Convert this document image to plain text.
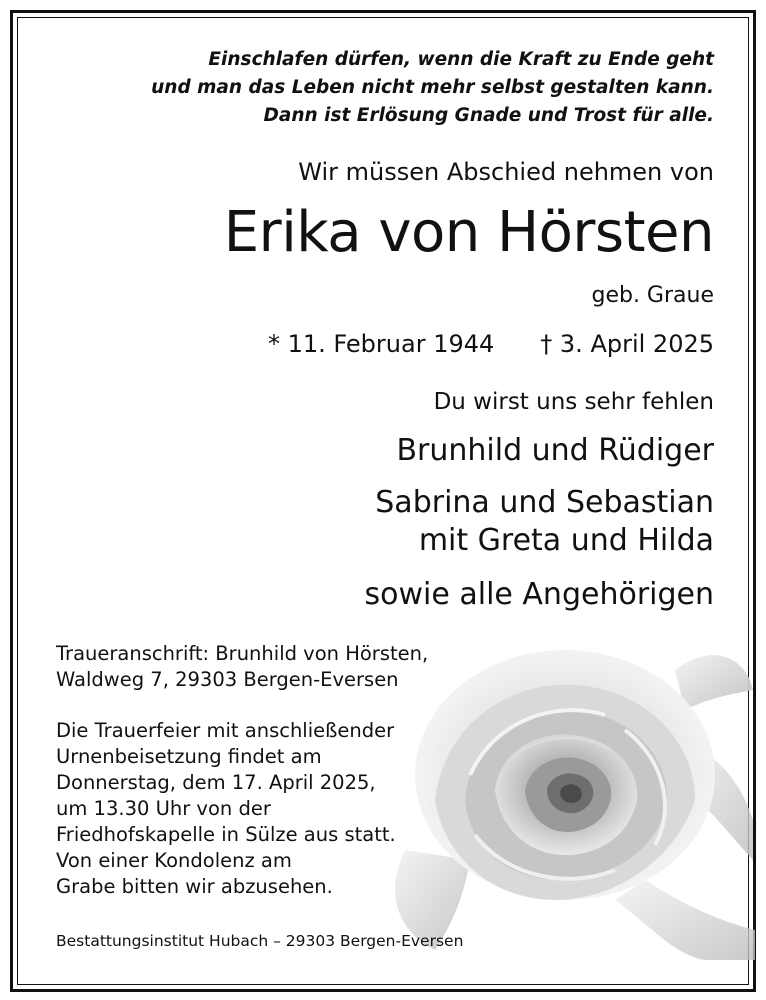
Einschlafen dürfen, wenn die Kraft zu Ende geht
und man das Leben nicht mehr selbst gestalten kann.
Dann ist Erlösung Gnade und Trost für alle.
Wir müssen Abschied nehmen von
Erika von Hörsten
geb. Graue
* 11. Februar 1944 † 3. April 2025
Du wirst uns sehr fehlen
Brunhild und Rüdiger
Sabrina und Sebastian
mit Greta und Hilda
sowie alle Angehörigen
Traueranschrift: Brunhild von Hörsten,
Waldweg 7, 29303 Bergen-Eversen
Die Trauerfeier mit anschließender
Urnenbeisetzung findet am
Donnerstag, dem 17. April 2025,
um 13.30 Uhr von der
Friedhofskapelle in Sülze aus statt.
Von einer Kondolenz am
Grabe bitten wir abzusehen.
Bestattungsinstitut Hubach – 29303 Bergen-Eversen
